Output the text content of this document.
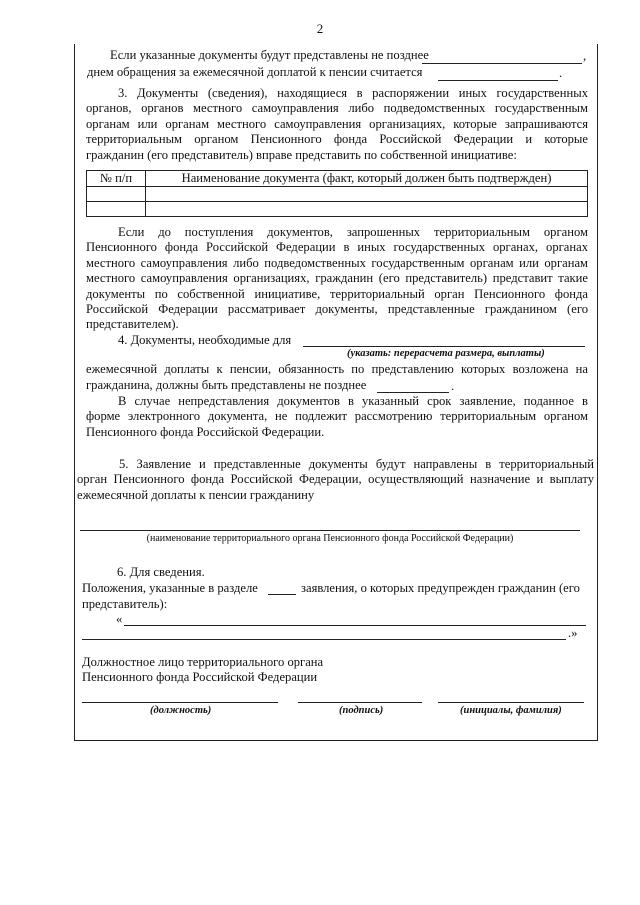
2
Если указанные документы будут представлены не позднее	,
днем обращения за ежемесячной доплатой к пенсии считается	.
3. Документы (сведения), находящиеся в распоряжении иных государственных
органов, органов местного самоуправления либо подведомственных государственным
органам или органам местного самоуправления организациях, которые запрашиваются
территориальным органом Пенсионного фонда Российской Федерации и которые
гражданин (его представитель) вправе представить по собственной инициативе:
№ п/п	Наименование документа (факт, который должен быть подтвержден)

Если до поступления документов, запрошенных территориальным органом
Пенсионного фонда Российской Федерации в иных государственных органах, органах
местного самоуправления либо подведомственных государственным органам или органам
местного самоуправления организациях, гражданин (его представитель) представит такие
документы по собственной инициативе, территориальный орган Пенсионного фонда
Российской Федерации рассматривает документы, представленные гражданином (его
представителем).
4. Документы, необходимые для
(указать: перерасчета размера, выплаты)
ежемесячной доплаты к пенсии, обязанность по представлению которых возложена на
гражданина, должны быть представлены не позднее	.
В случае непредставления документов в указанный срок заявление, поданное в
форме электронного документа, не подлежит рассмотрению территориальным органом
Пенсионного фонда Российской Федерации.
5. Заявление и представленные документы будут направлены в территориальный
орган Пенсионного фонда Российской Федерации, осуществляющий назначение и выплату
ежемесячной доплаты к пенсии гражданину
(наименование территориального органа Пенсионного фонда Российской Федерации)
6. Для сведения.
Положения, указанные в разделе	заявления, о которых предупрежден гражданин (его
представитель):
«
.»
Должностное лицо территориального органа
Пенсионного фонда Российской Федерации
(должность)	(подпись)	(инициалы, фамилия)
